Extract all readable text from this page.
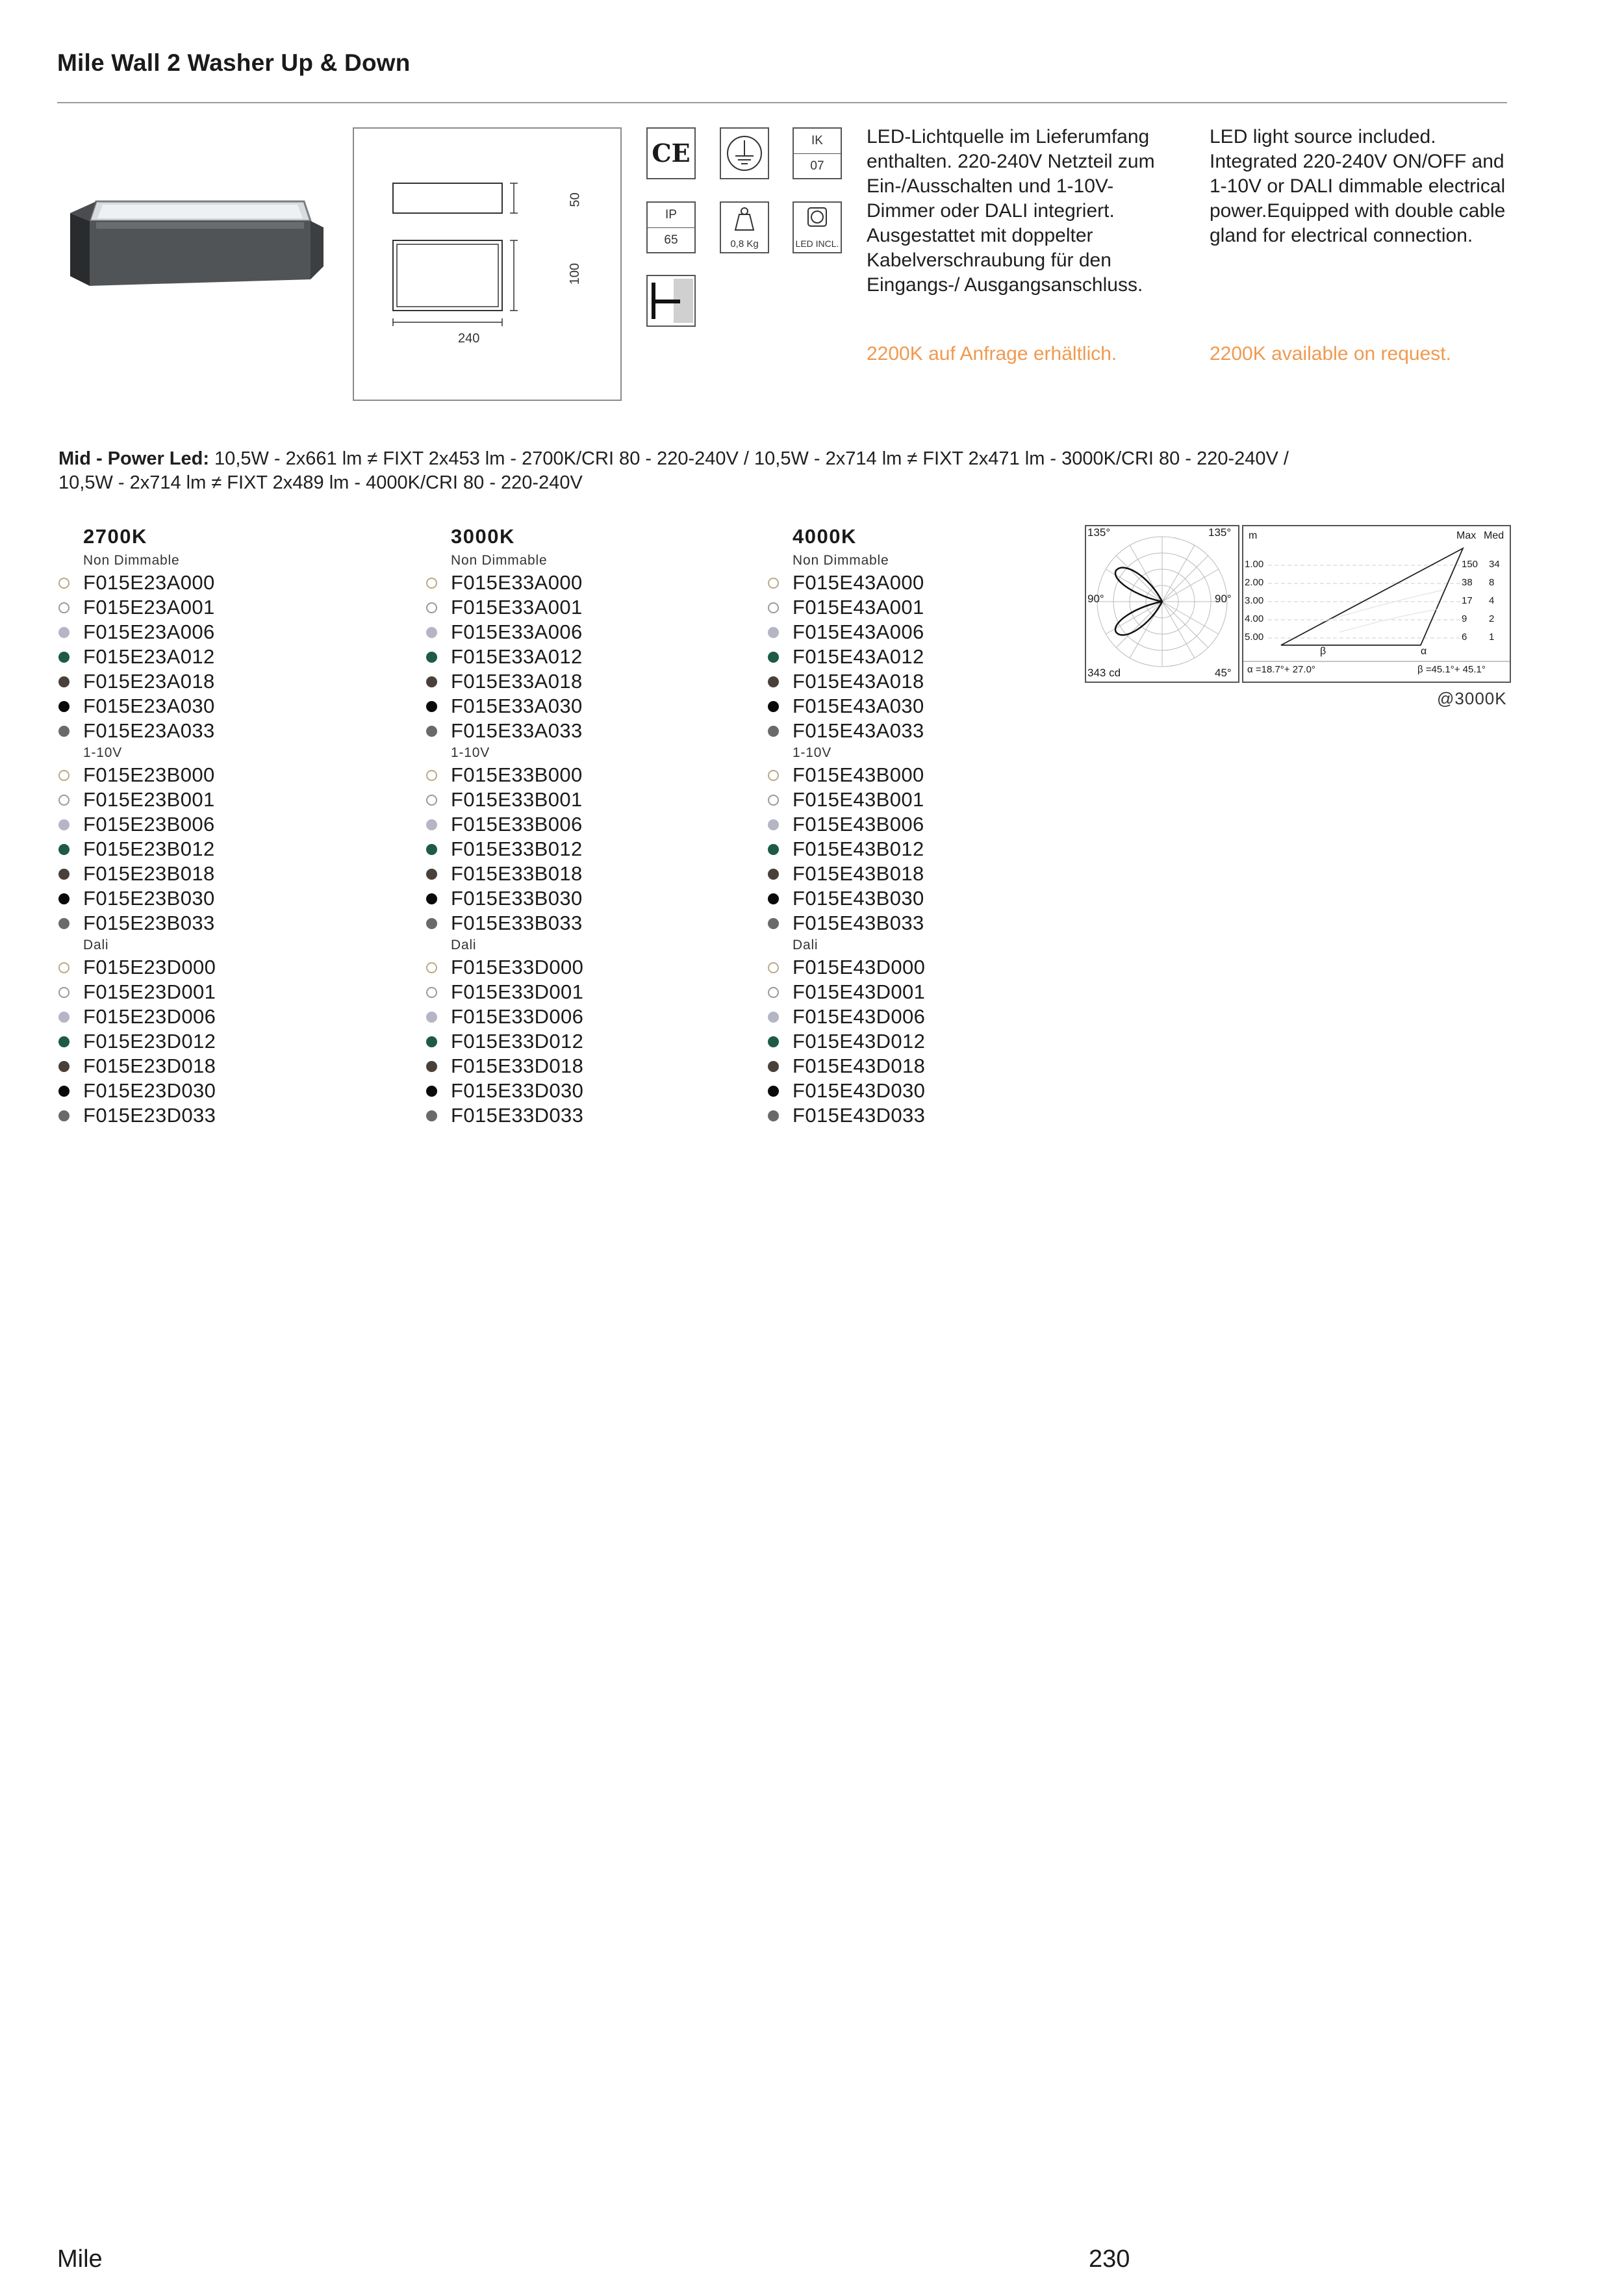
Mile Wall 2 Washer Up & Down
50
100
240
CE	IK
07
IP
65	0,8 Kg	LED INCL.
LED-Lichtquelle im Lieferumfang enthalten. 220-240V Netzteil zum Ein-/Ausschalten und 1-10V-Dimmer oder DALI integriert. Ausgestattet mit doppelter Kabelverschraubung für den Eingangs-/ Ausgangsanschluss.
LED light source included. Integrated 220-240V ON/OFF and 1-10V or DALI dimmable electrical power.Equipped with double cable gland for electrical connection.
2200K auf Anfrage erhältlich.	2200K available on request.
Mid - Power Led: 10,5W - 2x661 lm ≠ FIXT 2x453 lm - 2700K/CRI 80 - 220-240V / 10,5W - 2x714 lm ≠ FIXT 2x471 lm - 3000K/CRI 80 - 220-240V /
10,5W - 2x714 lm ≠ FIXT 2x489 lm - 4000K/CRI 80 - 220-240V
2700K
Non Dimmable
F015E23A000
F015E23A001
F015E23A006
F015E23A012
F015E23A018
F015E23A030
F015E23A033
1-10V
F015E23B000
F015E23B001
F015E23B006
F015E23B012
F015E23B018
F015E23B030
F015E23B033
Dali
F015E23D000
F015E23D001
F015E23D006
F015E23D012
F015E23D018
F015E23D030
F015E23D033
3000K
Non Dimmable
F015E33A000
F015E33A001
F015E33A006
F015E33A012
F015E33A018
F015E33A030
F015E33A033
1-10V
F015E33B000
F015E33B001
F015E33B006
F015E33B012
F015E33B018
F015E33B030
F015E33B033
Dali
F015E33D000
F015E33D001
F015E33D006
F015E33D012
F015E33D018
F015E33D030
F015E33D033
4000K
Non Dimmable
F015E43A000
F015E43A001
F015E43A006
F015E43A012
F015E43A018
F015E43A030
F015E43A033
1-10V
F015E43B000
F015E43B001
F015E43B006
F015E43B012
F015E43B018
F015E43B030
F015E43B033
Dali
F015E43D000
F015E43D001
F015E43D006
F015E43D012
F015E43D018
F015E43D030
F015E43D033
135°	135°
90°	90°
343 cd	45°
m	Max Med
1.00	150 34
2.00	38 8
3.00	17 4
4.00	9 2
5.00	6 1
β	α
α =18.7°+ 27.0°	β =45.1°+ 45.1°
@3000K
Mile	230
